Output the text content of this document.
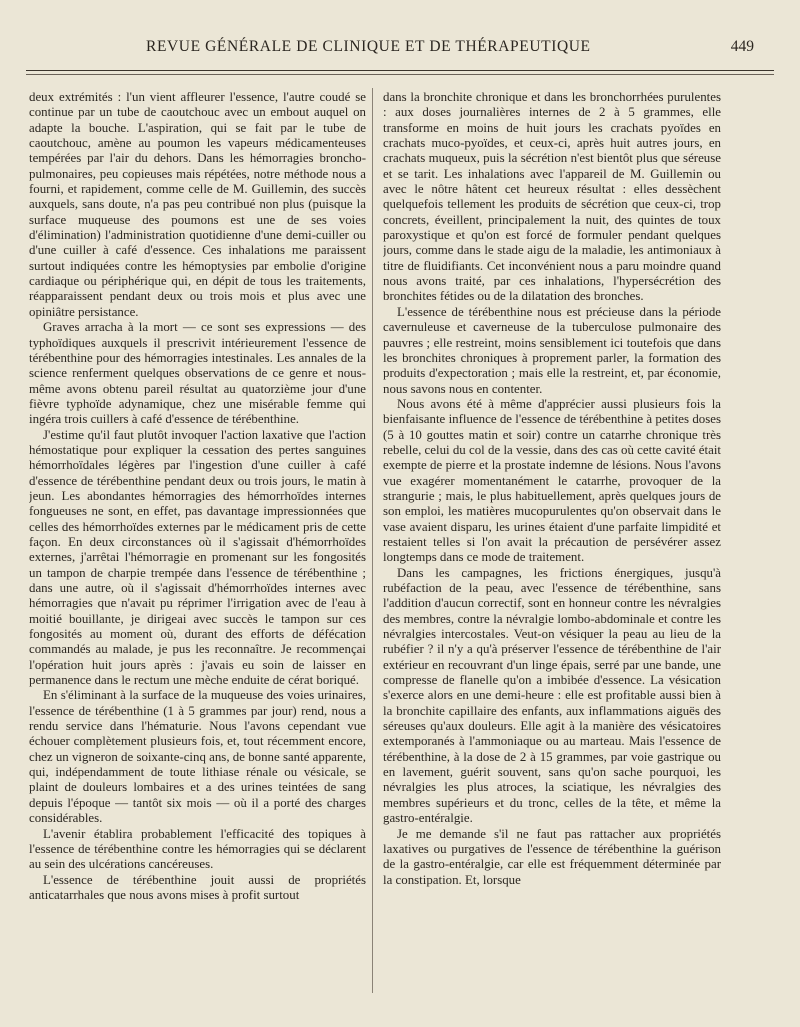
REVUE GÉNÉRALE DE CLINIQUE ET DE THÉRAPEUTIQUE	449

deux extrémités : l'un vient affleurer l'essence, l'autre coudé se continue par un tube de caoutchouc avec un embout auquel on adapte la bouche. L'aspiration, qui se fait par le tube de caoutchouc, amène au poumon les vapeurs médicamenteuses tempérées par l'air du dehors. Dans les hémorragies broncho-pulmonaires, peu copieuses mais répétées, notre méthode nous a fourni, et rapidement, comme celle de M. Guillemin, des succès auxquels, sans doute, n'a pas peu contribué non plus (puisque la surface muqueuse des poumons est une de ses voies d'élimination) l'administration quotidienne d'une demi-cuiller ou d'une cuiller à café d'essence. Ces inhalations me paraissent surtout indiquées contre les hémoptysies par embolie d'origine cardiaque ou périphérique qui, en dépit de tous les traitements, réapparaissent pendant deux ou trois mois et plus avec une opiniâtre persistance.

Graves arracha à la mort — ce sont ses expressions — des typhoïdiques auxquels il prescrivit intérieurement l'essence de térébenthine pour des hémorragies intestinales. Les annales de la science renferment quelques observations de ce genre et nous-même avons obtenu pareil résultat au quatorzième jour d'une fièvre typhoïde adynamique, chez une misérable femme qui ingéra trois cuillers à café d'essence de térébenthine.

J'estime qu'il faut plutôt invoquer l'action laxative que l'action hémostatique pour expliquer la cessation des pertes sanguines hémorrhoïdales légères par l'ingestion d'une cuiller à café d'essence de térébenthine pendant deux ou trois jours, le matin à jeun. Les abondantes hémorragies des hémorrhoïdes internes fongueuses ne sont, en effet, pas davantage impressionnées que celles des hémorrhoïdes externes par le médicament pris de cette façon. En deux circonstances où il s'agissait d'hémorrhoïdes externes, j'arrêtai l'hémorragie en promenant sur les fongosités un tampon de charpie trempée dans l'essence de térébenthine ; dans une autre, où il s'agissait d'hémorrhoïdes internes avec hémorragies que n'avait pu réprimer l'irrigation avec de l'eau à moitié bouillante, je dirigeai avec succès le tampon sur ces fongosités au moment où, durant des efforts de défécation commandés au malade, je pus les reconnaître. Je recommençai l'opération huit jours après : j'avais eu soin de laisser en permanence dans le rectum une mèche enduite de cérat boriqué.

En s'éliminant à la surface de la muqueuse des voies urinaires, l'essence de térébenthine (1 à 5 grammes par jour) rend, nous a rendu service dans l'hématurie. Nous l'avons cependant vue échouer complètement plusieurs fois, et, tout récemment encore, chez un vigneron de soixante-cinq ans, de bonne santé apparente, qui, indépendamment de toute lithiase rénale ou vésicale, se plaint de douleurs lombaires et a des urines teintées de sang depuis l'époque — tantôt six mois — où il a porté des charges considérables.

L'avenir établira probablement l'efficacité des topiques à l'essence de térébenthine contre les hémorragies qui se déclarent au sein des ulcérations cancéreuses.

L'essence de térébenthine jouit aussi de propriétés anticatarrhales que nous avons mises à profit surtout

dans la bronchite chronique et dans les bronchorrhées purulentes : aux doses journalières internes de 2 à 5 grammes, elle transforme en moins de huit jours les crachats pyoïdes en crachats muco-pyoïdes, et ceux-ci, après huit autres jours, en crachats muqueux, puis la sécrétion n'est bientôt plus que séreuse et se tarit. Les inhalations avec l'appareil de M. Guillemin ou avec le nôtre hâtent cet heureux résultat : elles dessèchent quelquefois tellement les produits de sécrétion que ceux-ci, trop concrets, éveillent, principalement la nuit, des quintes de toux paroxystique et qu'on est forcé de formuler pendant quelques jours, comme dans le stade aigu de la maladie, les antimoniaux à titre de fluidifiants. Cet inconvénient nous a paru moindre quand nous avons traité, par ces inhalations, l'hypersécrétion des bronchites fétides ou de la dilatation des bronches.

L'essence de térébenthine nous est précieuse dans la période cavernuleuse et caverneuse de la tuberculose pulmonaire des pauvres ; elle restreint, moins sensiblement ici toutefois que dans les bronchites chroniques à proprement parler, la formation des produits d'expectoration ; mais elle la restreint, et, par économie, nous savons nous en contenter.

Nous avons été à même d'apprécier aussi plusieurs fois la bienfaisante influence de l'essence de térébenthine à petites doses (5 à 10 gouttes matin et soir) contre un catarrhe chronique très rebelle, celui du col de la vessie, dans des cas où cette cavité était exempte de pierre et la prostate indemne de lésions. Nous l'avons vue exagérer momentanément le catarrhe, provoquer de la strangurie ; mais, le plus habituellement, après quelques jours de son emploi, les matières mucopurulentes qu'on observait dans le vase avaient disparu, les urines étaient d'une parfaite limpidité et restaient telles si l'on avait la précaution de persévérer assez longtemps dans ce mode de traitement.

Dans les campagnes, les frictions énergiques, jusqu'à rubéfaction de la peau, avec l'essence de térébenthine, sans l'addition d'aucun correctif, sont en honneur contre les névralgies des membres, contre la névralgie lombo-abdominale et contre les névralgies intercostales. Veut-on vésiquer la peau au lieu de la rubéfier ? il n'y a qu'à préserver l'essence de térébenthine de l'air extérieur en recouvrant d'un linge épais, serré par une bande, une compresse de flanelle qu'on a imbibée d'essence. La vésication s'exerce alors en une demi-heure : elle est profitable aussi bien à la bronchite capillaire des enfants, aux inflammations aiguës des séreuses qu'aux douleurs. Elle agit à la manière des vésicatoires extemporanés à l'ammoniaque ou au marteau. Mais l'essence de térébenthine, à la dose de 2 à 15 grammes, par voie gastrique ou en lavement, guérit souvent, sans qu'on sache pourquoi, les névralgies les plus atroces, la sciatique, les névralgies des membres supérieurs et du tronc, celles de la tête, et même la gastro-entéralgie.

Je me demande s'il ne faut pas rattacher aux propriétés laxatives ou purgatives de l'essence de térébenthine la guérison de la gastro-entéralgie, car elle est fréquemment déterminée par la constipation. Et, lorsque
